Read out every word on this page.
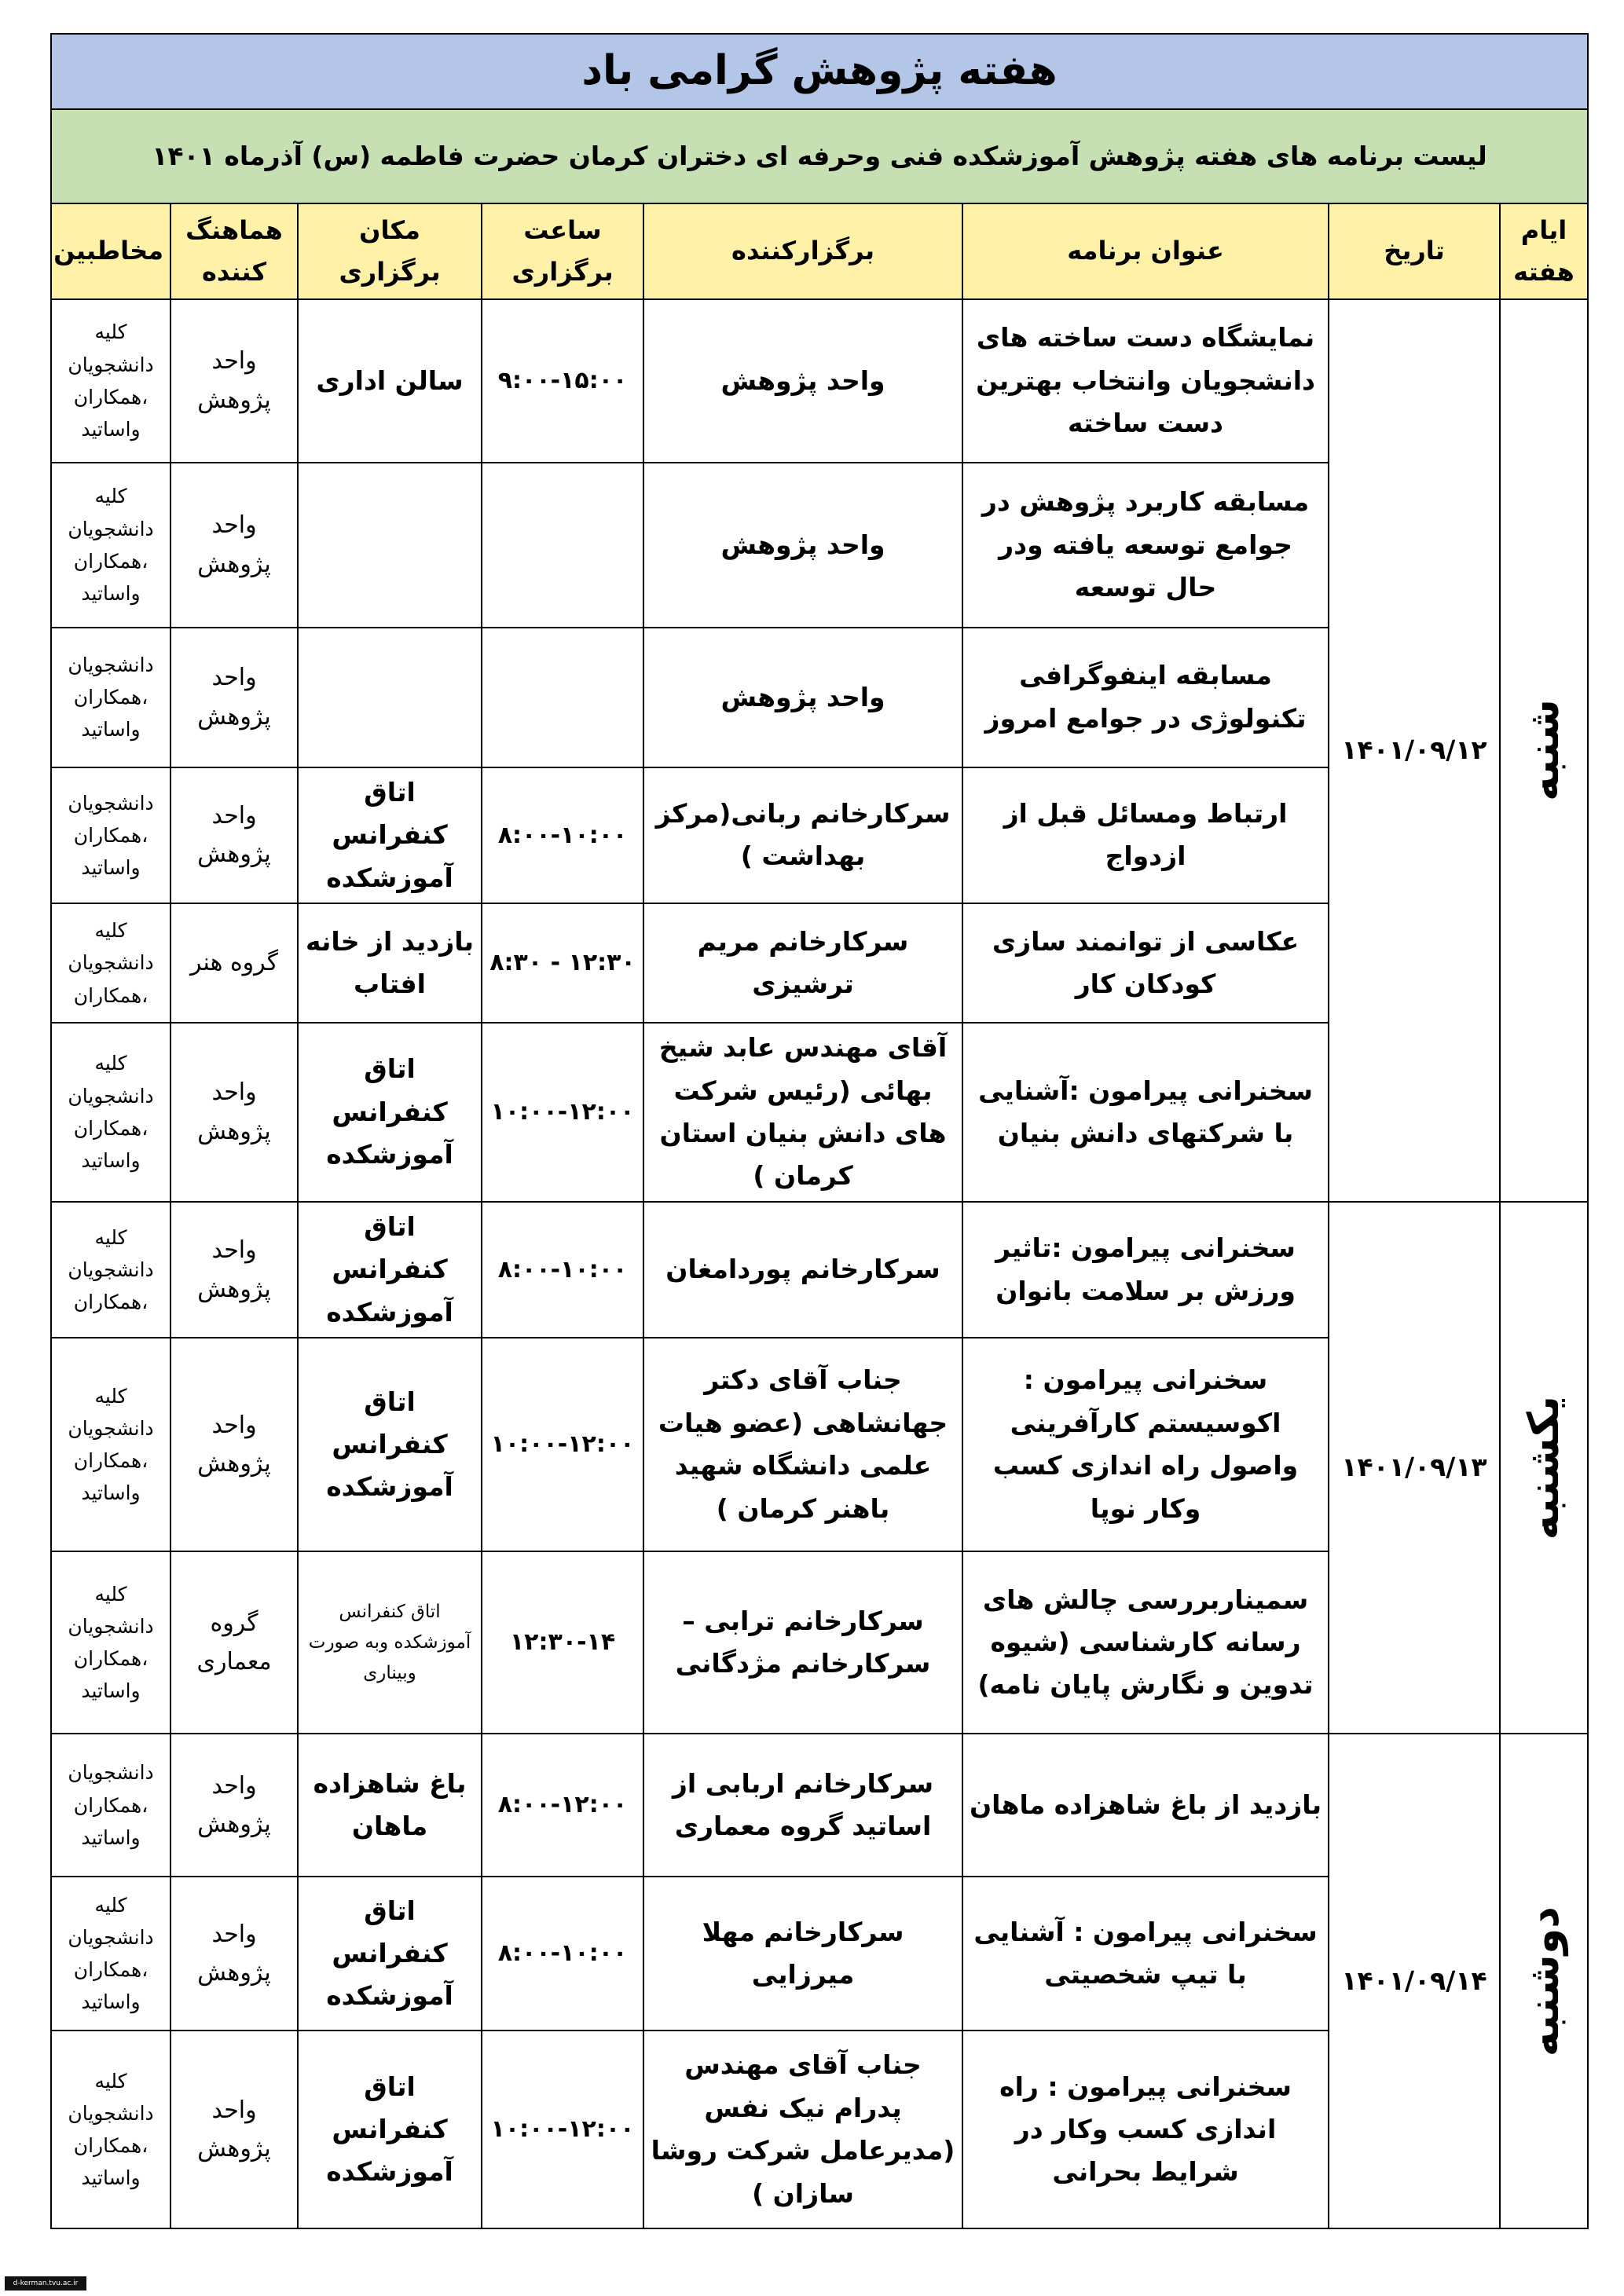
هفته پژوهش گرامی باد							
لیست برنامه های هفته پژوهش آموزشکده فنی وحرفه ای دختران کرمان حضرت فاطمه (س) آذرماه ۱۴۰۱							
ایام هفته	تاریخ	عنوان برنامه	برگزارکننده	ساعت برگزاری	مکان برگزاری	هماهنگ کننده	مخاطبین
شنبه	۱۴۰۱/۰۹/۱۲	نمایشگاه دست ساخته های دانشجویان وانتخاب بهترین دست ساخته	واحد پژوهش	۹:۰۰-۱۵:۰۰	سالن اداری	واحد پژوهش	کلیه دانشجویان ،همکاران واساتید
		مسابقه کاربرد پژوهش در جوامع توسعه یافته ودر حال توسعه	واحد پژوهش			واحد پژوهش	کلیه دانشجویان ،همکاران واساتید
		مسابقه اینفوگرافی تکنولوژی در جوامع امروز	واحد پژوهش			واحد پژوهش	دانشجویان ،همکاران واساتید
		ارتباط ومسائل قبل از ازدواج	سرکارخانم ربانی(مرکز بهداشت )	۸:۰۰-۱۰:۰۰	اتاق کنفرانس آموزشکده	واحد پژوهش	دانشجویان ،همکاران واساتید
		عکاسی از توانمند سازی کودکان کار	سرکارخانم مریم ترشیزی	۸:۳۰ - ۱۲:۳۰	بازدید از خانه افتاب	گروه هنر	کلیه دانشجویان ،همکاران
		سخنرانی پیرامون :آشنایی با شرکتهای دانش بنیان	آقای مهندس عابد شیخ بهائی (رئیس شرکت های دانش بنیان استان کرمان )	۱۰:۰۰-۱۲:۰۰	اتاق کنفرانس آموزشکده	واحد پژوهش	کلیه دانشجویان ،همکاران واساتید
یکشنبه	۱۴۰۱/۰۹/۱۳	سخنرانی پیرامون :تاثیر ورزش بر سلامت بانوان	سرکارخانم پوردامغان	۸:۰۰-۱۰:۰۰	اتاق کنفرانس آموزشکده	واحد پژوهش	کلیه دانشجویان ،همکاران
		سخنرانی پیرامون : اکوسیستم کارآفرینی واصول راه اندازی کسب وکار نوپا	جناب آقای دکتر جهانشاهی (عضو هیات علمی دانشگاه شهید باهنر کرمان )	۱۰:۰۰-۱۲:۰۰	اتاق کنفرانس آموزشکده	واحد پژوهش	کلیه دانشجویان ،همکاران واساتید
		سمیناربررسی چالش های رسانه کارشناسی (شیوه تدوین و نگارش پایان نامه)	سرکارخانم ترابی – سرکارخانم مژدگانی	۱۲:۳۰-۱۴	اتاق کنفرانس آموزشکده وبه صورت وبیناری	گروه معماری	کلیه دانشجویان ،همکاران واساتید
دوشنبه	۱۴۰۱/۰۹/۱۴	بازدید از باغ شاهزاده ماهان	سرکارخانم اربابی از اساتید گروه معماری	۸:۰۰-۱۲:۰۰	باغ شاهزاده ماهان	واحد پژوهش	دانشجویان ،همکاران واساتید
		سخنرانی پیرامون : آشنایی با تیپ شخصیتی	سرکارخانم مهلا میرزایی	۸:۰۰-۱۰:۰۰	اتاق کنفرانس آموزشکده	واحد پژوهش	کلیه دانشجویان ،همکاران واساتید
		سخنرانی پیرامون : راه اندازی کسب وکار در شرایط بحرانی	جناب آقای مهندس پدرام نیک نفس (مدیرعامل شرکت روشا سازان )	۱۰:۰۰-۱۲:۰۰	اتاق کنفرانس آموزشکده	واحد پژوهش	کلیه دانشجویان ،همکاران واساتید
d-kerman.tvu.ac.ir
